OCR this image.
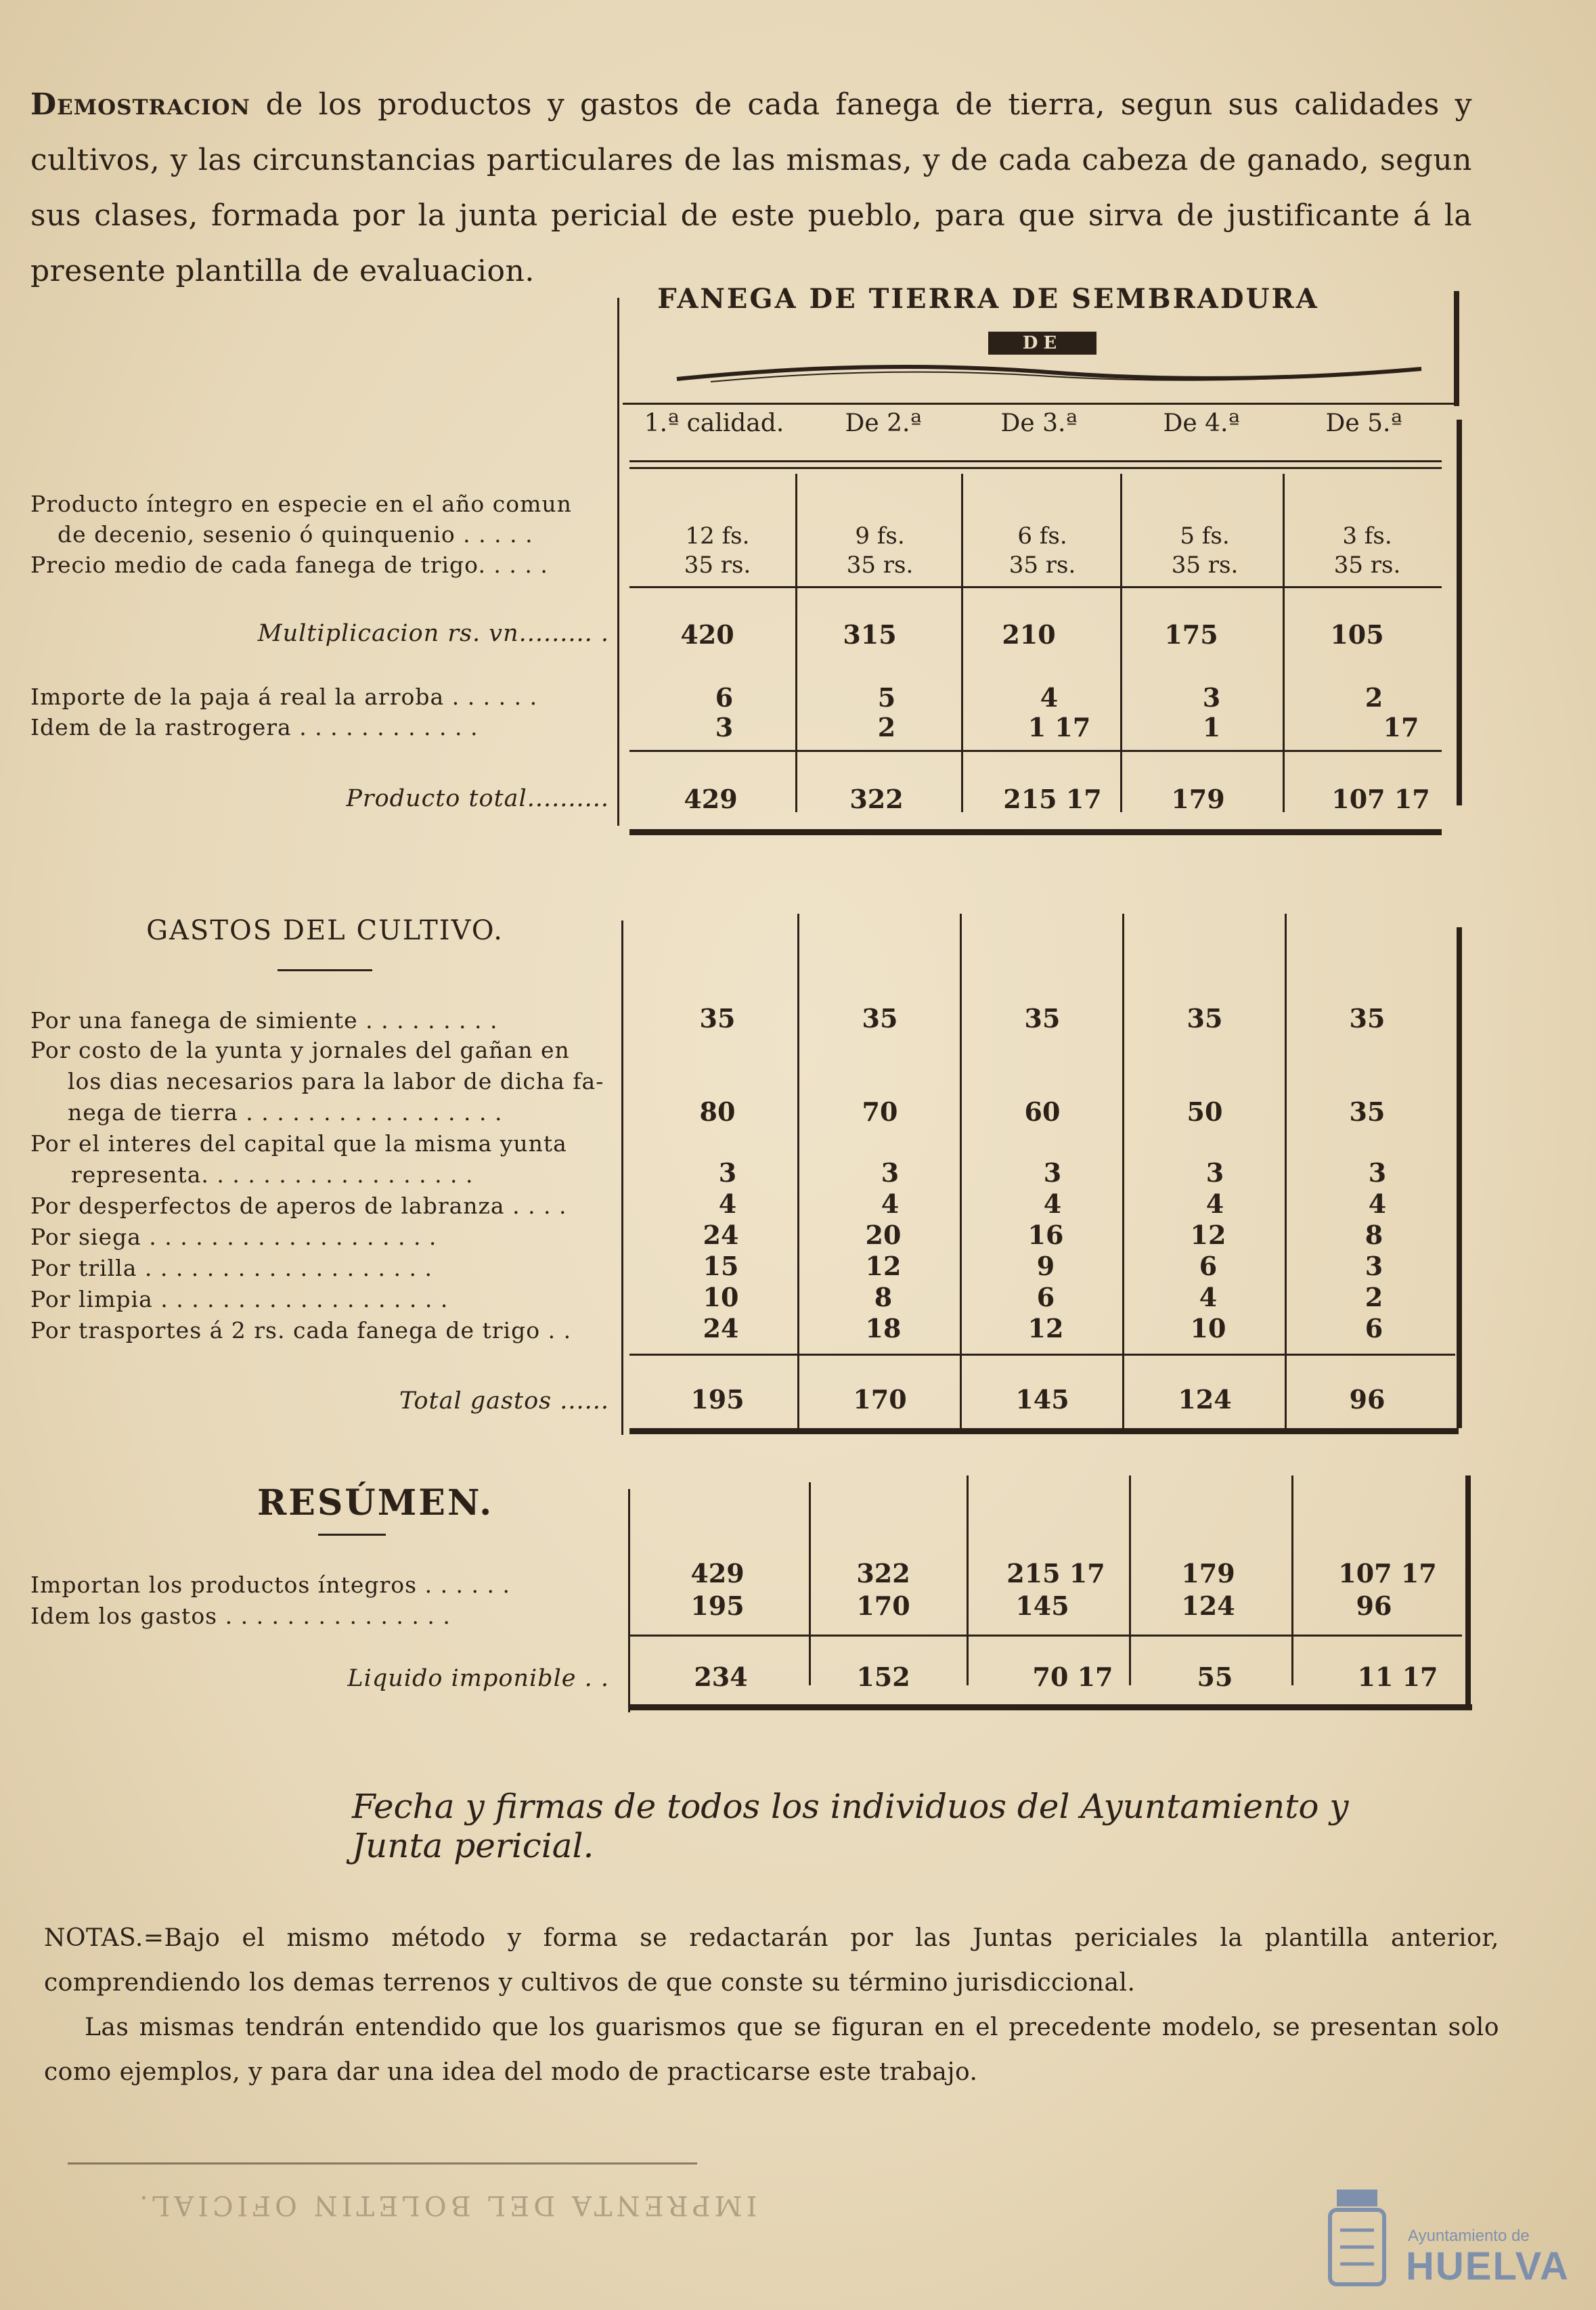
Demostracion de los productos y gastos de cada fanega de tierra, segun sus calidades y cultivos, y las circunstancias particulares de las mismas, y de cada cabeza de ganado, segun sus clases, formada por la junta pericial de este pueblo, para que sirva de justificante á la presente plantilla de evaluacion.

FANEGA DE TIERRA DE SEMBRADURA
DE
1.ª calidad.	De 2.ª	De 3.ª	De 4.ª	De 5.ª
Producto íntegro en especie en el año comun
de decenio, sesenio ó quinquenio . . . . .	12 fs.	9 fs.	6 fs.	5 fs.	3 fs.
Precio medio de cada fanega de trigo. . . . .	35 rs.	35 rs.	35 rs.	35 rs.	35 rs.
Multiplicacion rs. vn......... .	420	315	210	175	105
Importe de la paja á real la arroba . . . . . .	6	5	4	3	2
Idem de la rastrogera . . . . . . . . . . . .	3	2	1 17	1	17
Producto total..........	429	322	215 17	179	107 17
GASTOS DEL CULTIVO.
Por una fanega de simiente . . . . . . . . .	35	35	35	35	35
Por costo de la yunta y jornales del gañan en
los dias necesarios para la labor de dicha fa-
nega de tierra . . . . . . . . . . . . . . . . .	80	70	60	50	35
Por el interes del capital que la misma yunta
representa. . . . . . . . . . . . . . . . . .	3	3	3	3	3
Por desperfectos de aperos de labranza . . . .	4	4	4	4	4
Por siega . . . . . . . . . . . . . . . . . . .	24	20	16	12	8
Por trilla . . . . . . . . . . . . . . . . . . .	15	12	9	6	3
Por limpia . . . . . . . . . . . . . . . . . . .	10	8	6	4	2
Por trasportes á 2 rs. cada fanega de trigo . .	24	18	12	10	6
Total gastos ......	195	170	145	124	96
RESÚMEN.
Importan los productos íntegros . . . . . .	429	322	215 17	179	107 17
Idem los gastos . . . . . . . . . . . . . . .	195	170	145	124	96
Liquido imponible . .	234	152	70 17	55	11 17
Fecha y firmas de todos los individuos del Ayuntamiento y Junta pericial.

NOTAS.=Bajo el mismo método y forma se redactarán por las Juntas periciales la plantilla anterior, comprendiendo los demas terrenos y cultivos de que conste su término jurisdiccional.
Las mismas tendrán entendido que los guarismos que se figuran en el precedente modelo, se presentan solo como ejemplos, y para dar una idea del modo de practicarse este trabajo.

IMPRENTA DEL BOLETIN OFICIAL.
Ayuntamiento de
HUELVA
